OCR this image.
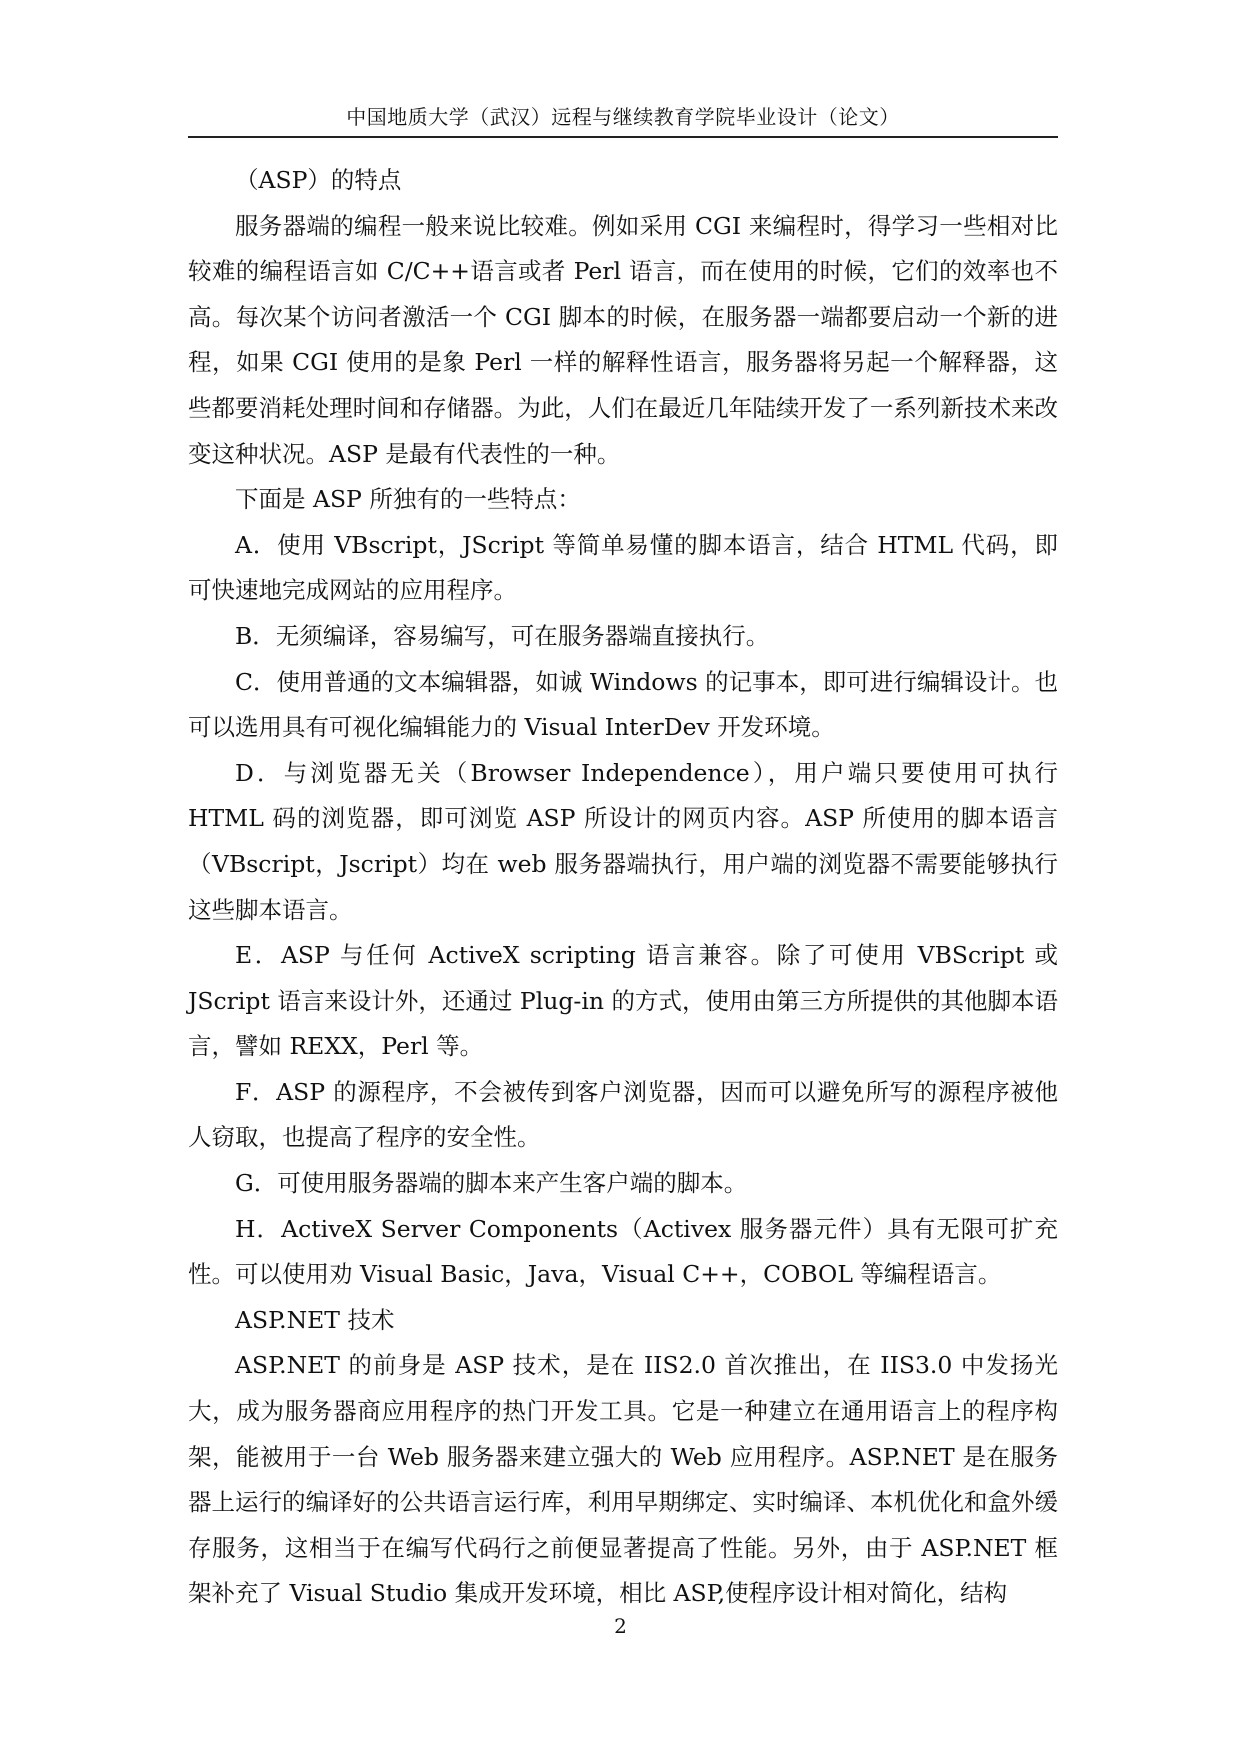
中国地质大学（武汉）远程与继续教育学院毕业设计（论文）

（ASP）的特点

服务器端的编程一般来说比较难。例如采用 CGI 来编程时，得学习一些相对比较难的编程语言如 C/C++语言或者 Perl 语言，而在使用的时候，它们的效率也不高。每次某个访问者激活一个 CGI 脚本的时候，在服务器一端都要启动一个新的进程，如果 CGI 使用的是象 Perl 一样的解释性语言，服务器将另起一个解释器，这些都要消耗处理时间和存储器。为此，人们在最近几年陆续开发了一系列新技术来改变这种状况。ASP 是最有代表性的一种。

下面是 ASP 所独有的一些特点：

A．使用 VBscript，JScript 等简单易懂的脚本语言，结合 HTML 代码，即可快速地完成网站的应用程序。

B．无须编译，容易编写，可在服务器端直接执行。

C．使用普通的文本编辑器，如诚 Windows 的记事本，即可进行编辑设计。也可以选用具有可视化编辑能力的 Visual InterDev 开发环境。

D．与浏览器无关（Browser Independence），用户端只要使用可执行 HTML 码的浏览器，即可浏览 ASP 所设计的网页内容。ASP 所使用的脚本语言（VBscript，Jscript）均在 web 服务器端执行，用户端的浏览器不需要能够执行这些脚本语言。

E．ASP 与任何 ActiveX scripting 语言兼容。除了可使用 VBScript 或 JScript 语言来设计外，还通过 Plug-in 的方式，使用由第三方所提供的其他脚本语言，譬如 REXX，Perl 等。

F．ASP 的源程序，不会被传到客户浏览器，因而可以避免所写的源程序被他人窃取，也提高了程序的安全性。

G．可使用服务器端的脚本来产生客户端的脚本。

H．ActiveX Server Components（Activex 服务器元件）具有无限可扩充性。可以使用劝 Visual Basic，Java，Visual C++，COBOL 等编程语言。

ASP.NET 技术

ASP.NET 的前身是 ASP 技术，是在 IIS2.0 首次推出，在 IIS3.0 中发扬光大，成为服务器商应用程序的热门开发工具。它是一种建立在通用语言上的程序构架，能被用于一台 Web 服务器来建立强大的 Web 应用程序。ASP.NET 是在服务器上运行的编译好的公共语言运行库，利用早期绑定、实时编译、本机优化和盒外缓存服务，这相当于在编写代码行之前便显著提高了性能。另外，由于 ASP.NET 框架补充了 Visual Studio 集成开发环境，相比 ASP,使程序设计相对简化，结构

2
